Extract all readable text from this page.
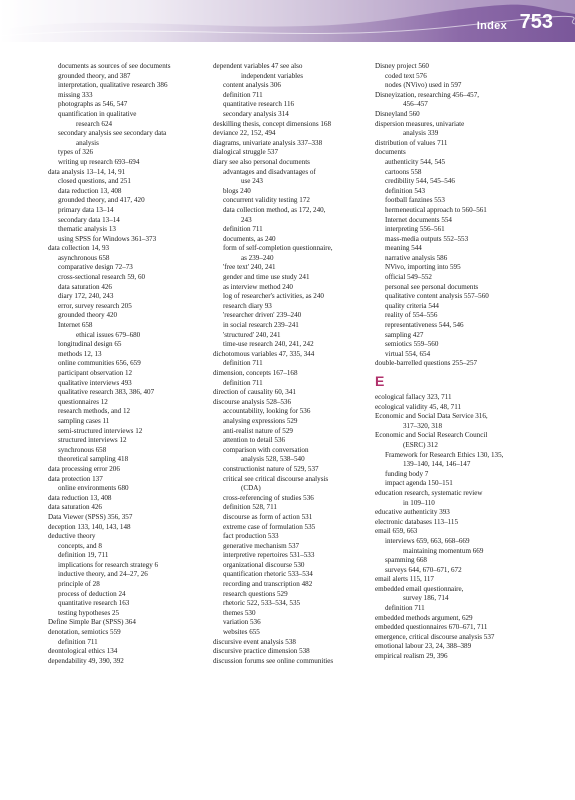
Index 753
documents as sources of see documents
grounded theory, and 387
interpretation, qualitative research 386
missing 333
photographs as 546, 547
quantification in qualitative
research 624
secondary analysis see secondary data
analysis
types of 326
writing up research 693–694
data analysis 13–14, 14, 91
closed questions, and 251
data reduction 13, 408
grounded theory, and 417, 420
primary data 13–14
secondary data 13–14
thematic analysis 13
using SPSS for Windows 361–373
data collection 14, 93
asynchronous 658
comparative design 72–73
cross-sectional research 59, 60
data saturation 426
diary 172, 240, 243
error, survey research 205
grounded theory 420
Internet 658
ethical issues 679–680
longitudinal design 65
methods 12, 13
online communities 656, 659
participant observation 12
qualitative interviews 493
qualitative research 383, 386, 407
questionnaires 12
research methods, and 12
sampling cases 11
semi-structured interviews 12
structured interviews 12
synchronous 658
theoretical sampling 418
data processing error 206
data protection 137
online environments 680
data reduction 13, 408
data saturation 426
Data Viewer (SPSS) 356, 357
deception 133, 140, 143, 148
deductive theory
concepts, and 8
definition 19, 711
implications for research strategy 6
inductive theory, and 24–27, 26
principle of 28
process of deduction 24
quantitative research 163
testing hypotheses 25
Define Simple Bar (SPSS) 364
denotation, semiotics 559
definition 711
deontological ethics 134
dependability 49, 390, 392
dependent variables 47 see also
independent variables
content analysis 306
definition 711
quantitative research 116
secondary analysis 314
deskilling thesis, concept dimensions 168
deviance 22, 152, 494
diagrams, univariate analysis 337–338
dialogical struggle 537
diary see also personal documents
advantages and disadvantages of
use 243
blogs 240
concurrent validity testing 172
data collection method, as 172, 240,
243
definition 711
documents, as 240
form of self-completion questionnaire,
as 239–240
'free text' 240, 241
gender and time use study 241
as interview method 240
log of researcher's activities, as 240
research diary 93
'researcher driven' 239–240
in social research 239–241
'structured' 240, 241
time-use research 240, 241, 242
dichotomous variables 47, 335, 344
definition 711
dimension, concepts 167–168
definition 711
direction of causality 60, 341
discourse analysis 528–536
accountability, looking for 536
analysing expressions 529
anti-realist nature of 529
attention to detail 536
comparison with conversation
analysis 528, 538–540
constructionist nature of 529, 537
critical see critical discourse analysis
(CDA)
cross-referencing of studies 536
definition 528, 711
discourse as form of action 531
extreme case of formulation 535
fact production 533
generative mechanism 537
interpretive repertoires 531–533
organizational discourse 530
quantification rhetoric 533–534
recording and transcription 482
research questions 529
rhetoric 522, 533–534, 535
themes 530
variation 536
websites 655
discursive event analysis 538
discursive practice dimension 538
discussion forums see online communities
Disney project 560
coded text 576
nodes (NVivo) used in 597
Disneyization, researching 456–457,
456–457
Disneyland 560
dispersion measures, univariate
analysis 339
distribution of values 711
documents
authenticity 544, 545
cartoons 558
credibility 544, 545–546
definition 543
football fanzines 553
hermeneutical approach to 560–561
Internet documents 554
interpreting 556–561
mass-media outputs 552–553
meaning 544
narrative analysis 586
NVivo, importing into 595
official 549–552
personal see personal documents
qualitative content analysis 557–560
quality criteria 544
reality of 554–556
representativeness 544, 546
sampling 427
semiotics 559–560
virtual 554, 654
double-barrelled questions 255–257
E
ecological fallacy 323, 711
ecological validity 45, 48, 711
Economic and Social Data Service 316,
317–320, 318
Economic and Social Research Council
(ESRC) 312
Framework for Research Ethics 130, 135,
139–140, 144, 146–147
funding body 7
impact agenda 150–151
education research, systematic review
in 109–110
educative authenticity 393
electronic databases 113–115
email 659, 663
interviews 659, 663, 668–669
maintaining momentum 669
spamming 668
surveys 644, 670–671, 672
email alerts 115, 117
embedded email questionnaire,
survey 186, 714
definition 711
embedded methods argument, 629
embedded questionnaires 670–671, 711
emergence, critical discourse analysis 537
emotional labour 23, 24, 388–389
empirical realism 29, 396
